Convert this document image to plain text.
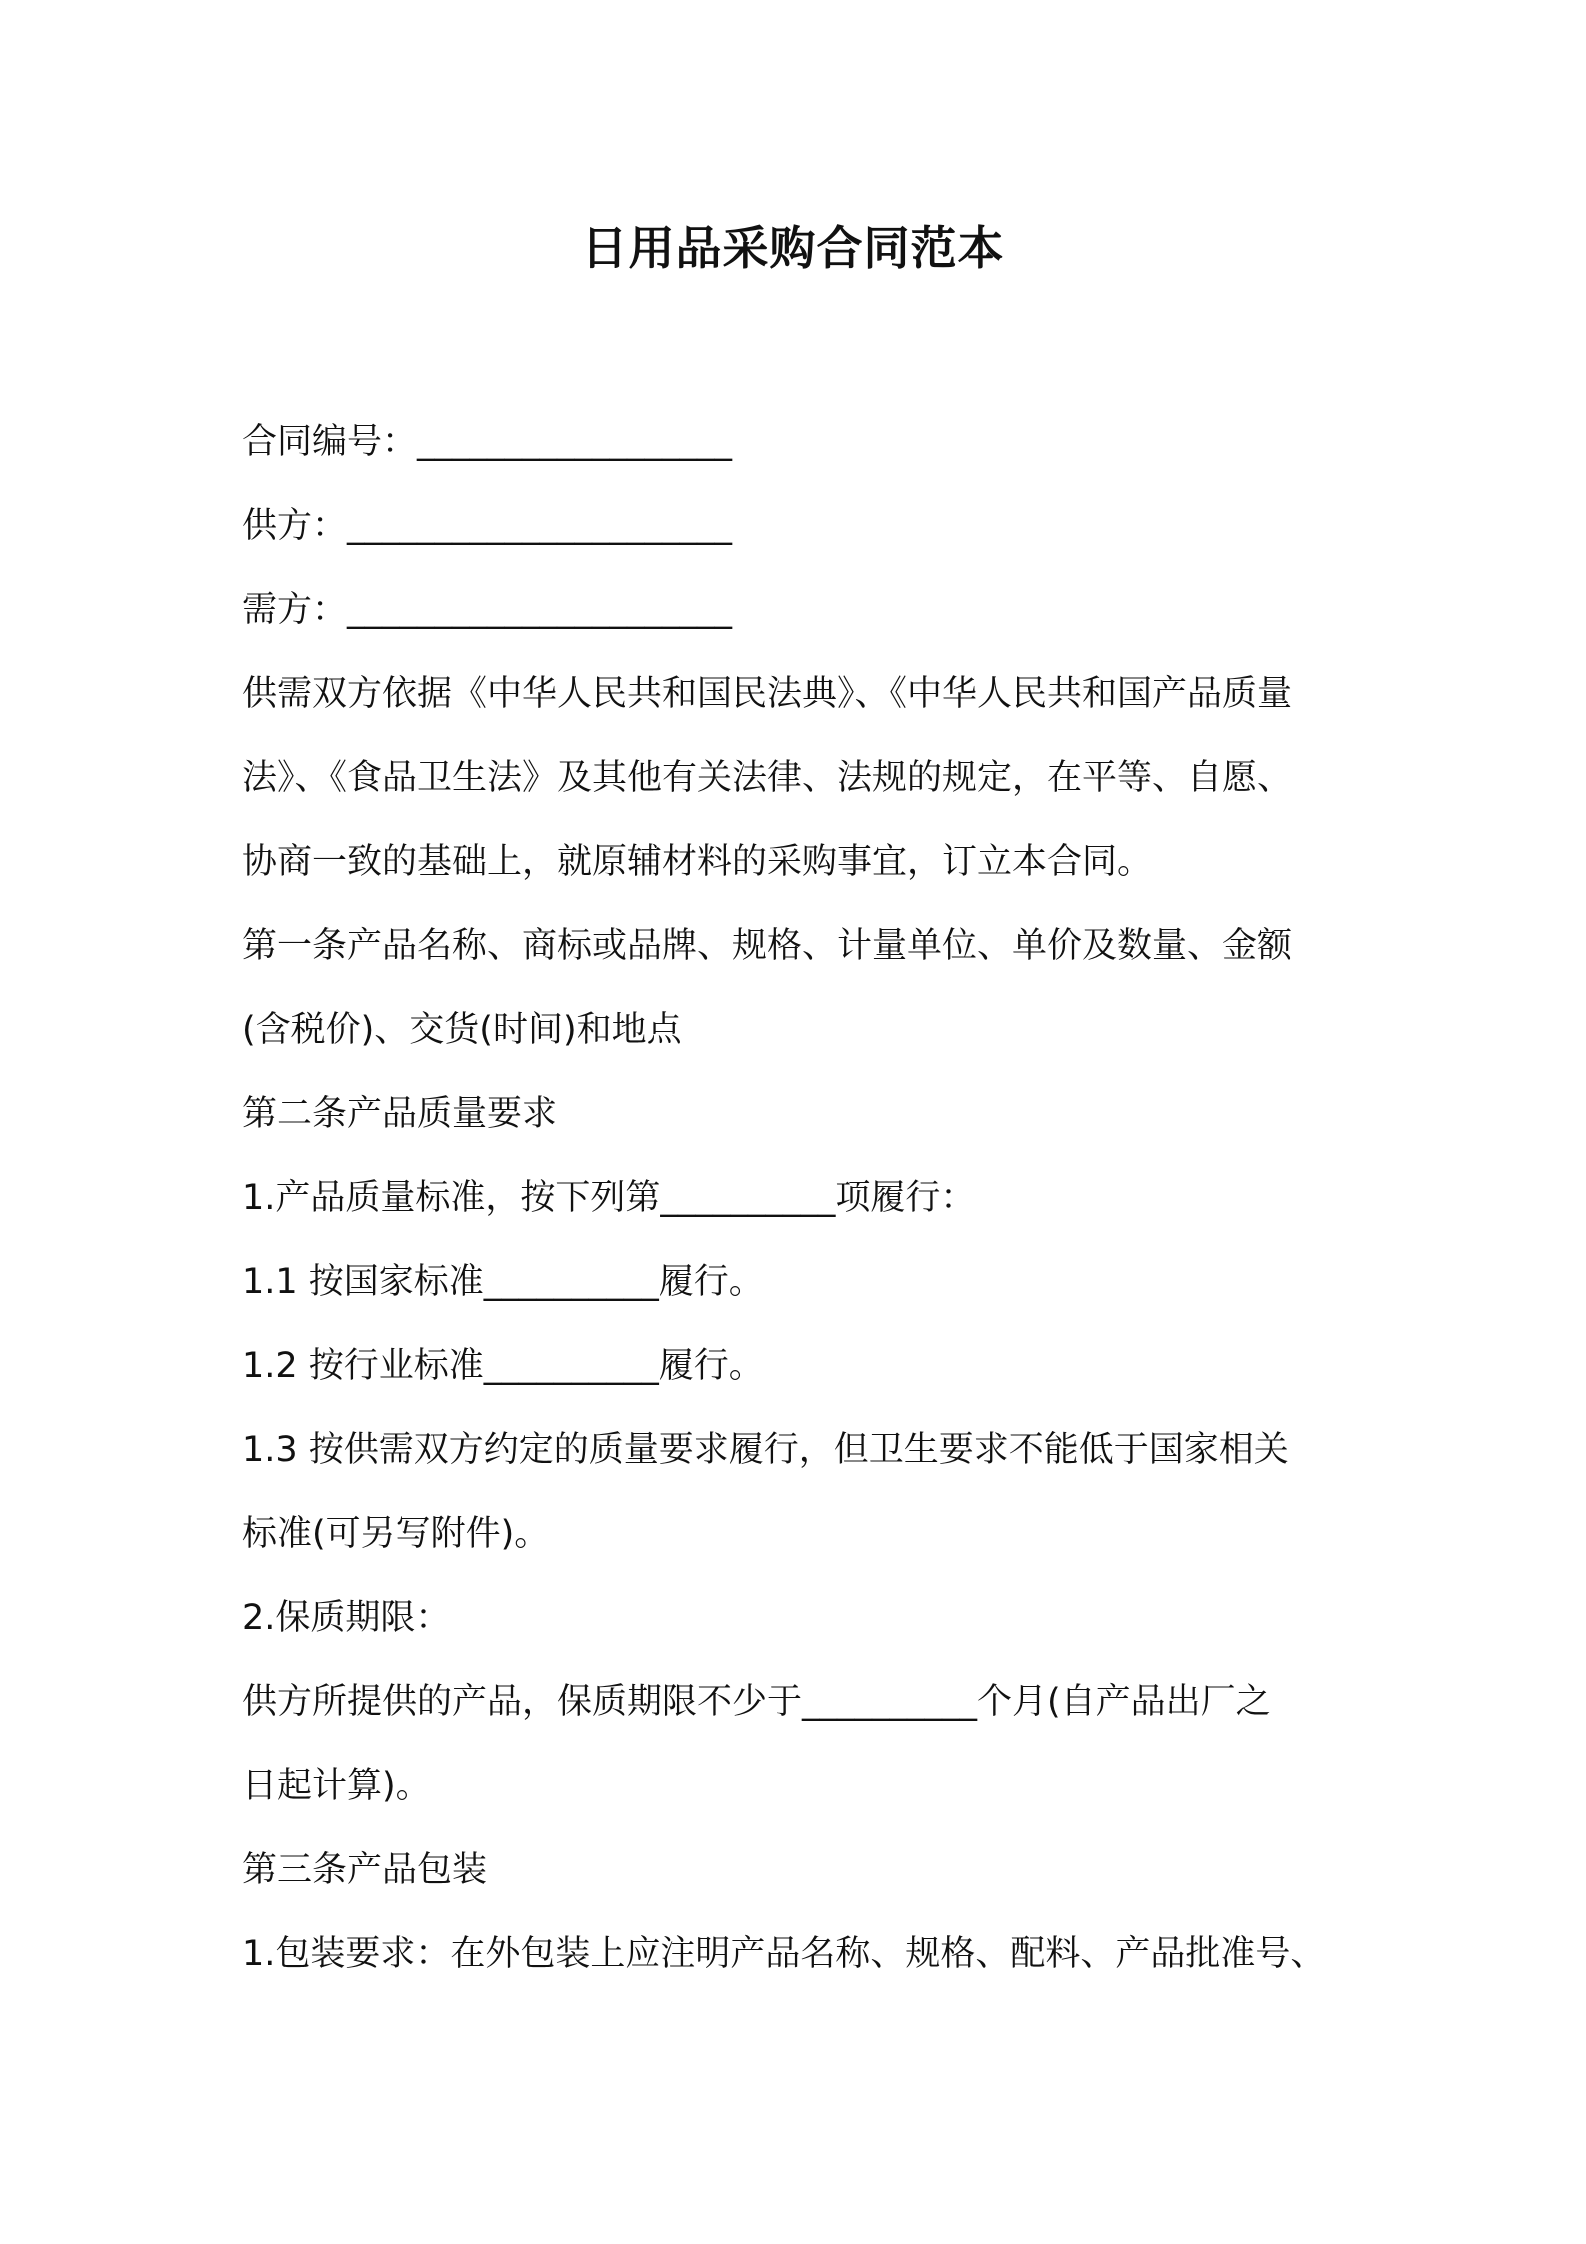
日用品采购合同范本
合同编号：__________________
供方：______________________
需方：______________________
供需双方依据《中华人民共和国民法典》、《中华人民共和国产品质量
法》、《食品卫生法》及其他有关法律、法规的规定，在平等、自愿、
协商一致的基础上，就原辅材料的采购事宜，订立本合同。
第一条产品名称、商标或品牌、规格、计量单位、单价及数量、金额
(含税价)、交货(时间)和地点
第二条产品质量要求
1.产品质量标准，按下列第__________项履行：
1.1 按国家标准__________履行。
1.2 按行业标准__________履行。
1.3 按供需双方约定的质量要求履行，但卫生要求不能低于国家相关
标准(可另写附件)。
2.保质期限：
供方所提供的产品，保质期限不少于__________个月(自产品出厂之
日起计算)。
第三条产品包装
1.包装要求：在外包装上应注明产品名称、规格、配料、产品批准号、
